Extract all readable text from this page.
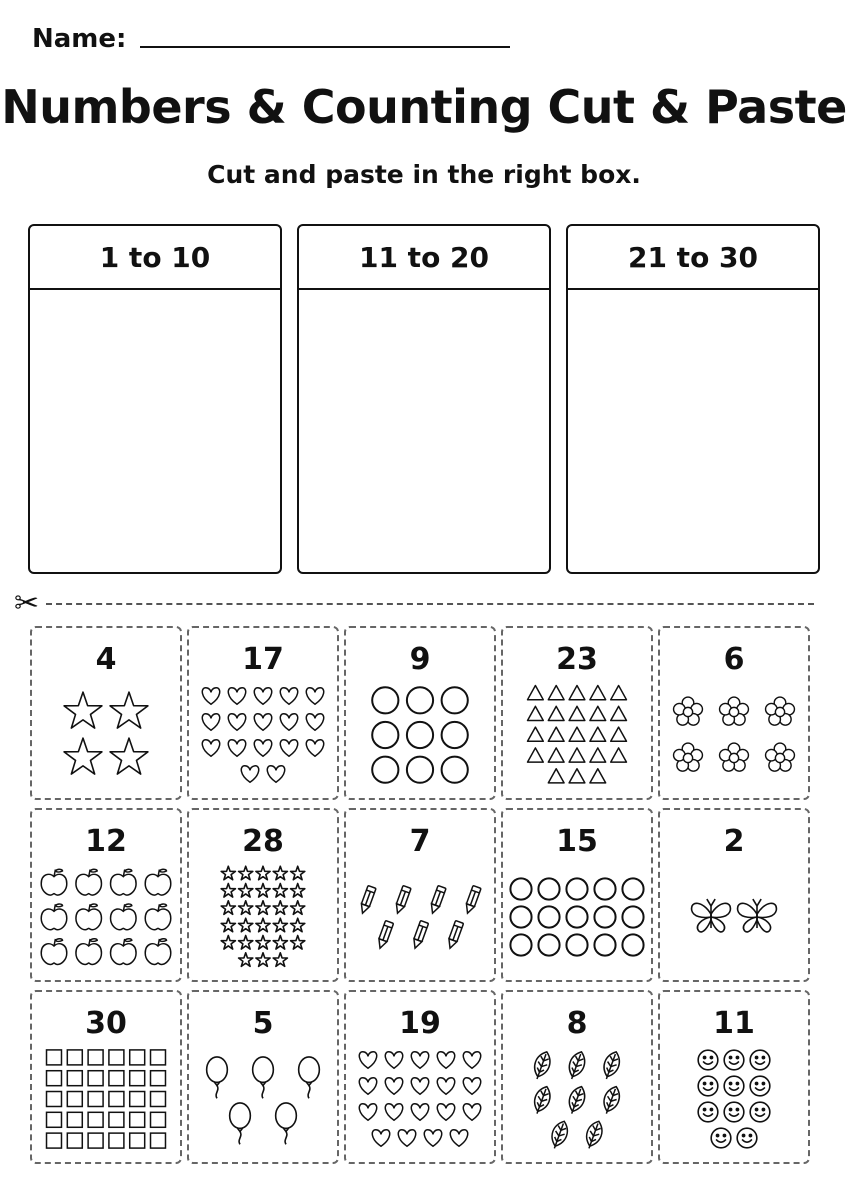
Name:
Numbers & Counting Cut & Paste
Cut and paste in the right box.
1 to 10	11 to 20	21 to 30
✂
4	17	9	23	6
12	28	7	15	2
30	5	19	8	11
